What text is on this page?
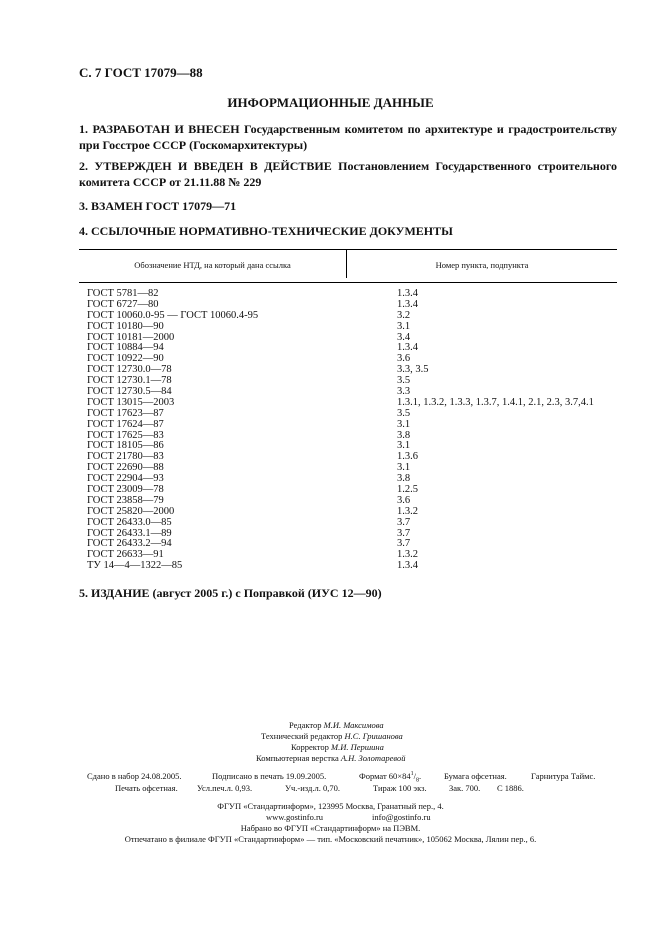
С. 7 ГОСТ 17079—88
ИНФОРМАЦИОННЫЕ ДАННЫЕ
1. РАЗРАБОТАН И ВНЕСЕН Государственным комитетом по архитектуре и градостроительству при Госстрое СССР (Госкомархитектуры)
2. УТВЕРЖДЕН И ВВЕДЕН В ДЕЙСТВИЕ Постановлением Государственного строительного комитета СССР от 21.11.88 № 229
3. ВЗАМЕН ГОСТ 17079—71
4. ССЫЛОЧНЫЕ НОРМАТИВНО-ТЕХНИЧЕСКИЕ ДОКУМЕНТЫ
Обозначение НТД, на который дана ссылка	Номер пункта, подпункта
ГОСТ 5781—82	1.3.4
ГОСТ 6727—80	1.3.4
ГОСТ 10060.0-95 — ГОСТ 10060.4-95	3.2
ГОСТ 10180—90	3.1
ГОСТ 10181—2000	3.4
ГОСТ 10884—94	1.3.4
ГОСТ 10922—90	3.6
ГОСТ 12730.0—78	3.3, 3.5
ГОСТ 12730.1—78	3.5
ГОСТ 12730.5—84	3.3
ГОСТ 13015—2003	1.3.1, 1.3.2, 1.3.3, 1.3.7, 1.4.1, 2.1, 2.3, 3.7,4.1
ГОСТ 17623—87	3.5
ГОСТ 17624—87	3.1
ГОСТ 17625—83	3.8
ГОСТ 18105—86	3.1
ГОСТ 21780—83	1.3.6
ГОСТ 22690—88	3.1
ГОСТ 22904—93	3.8
ГОСТ 23009—78	1.2.5
ГОСТ 23858—79	3.6
ГОСТ 25820—2000	1.3.2
ГОСТ 26433.0—85	3.7
ГОСТ 26433.1—89	3.7
ГОСТ 26433.2—94	3.7
ГОСТ 26633—91	1.3.2
ТУ 14—4—1322—85	1.3.4
5. ИЗДАНИЕ (август 2005 г.) с Поправкой (ИУС 12—90)
Редактор М.И. Максимова
Технический редактор Н.С. Гришанова
Корректор М.И. Першина
Компьютерная верстка А.Н. Золотаревой
Сдано в набор 24.08.2005.	Подписано в печать 19.09.2005.	Формат $60\times 84^1/_8$.	Бумага офсетная.	Гарнитура Таймс.
Печать офсетная. Усл.печ.л. 0,93.	Уч.-изд.л. 0,70.	Тираж 100 экз.	Зак. 700. С 1886.
ФГУП «Стандартинформ», 123995 Москва, Гранатный пер., 4.
www.gostinfo.ru	info@gostinfo.ru
Набрано во ФГУП «Стандартинформ» на ПЭВМ.
Отпечатано в филиале ФГУП «Стандартинформ» — тип. «Московский печатник», 105062 Москва, Лялин пер., 6.
